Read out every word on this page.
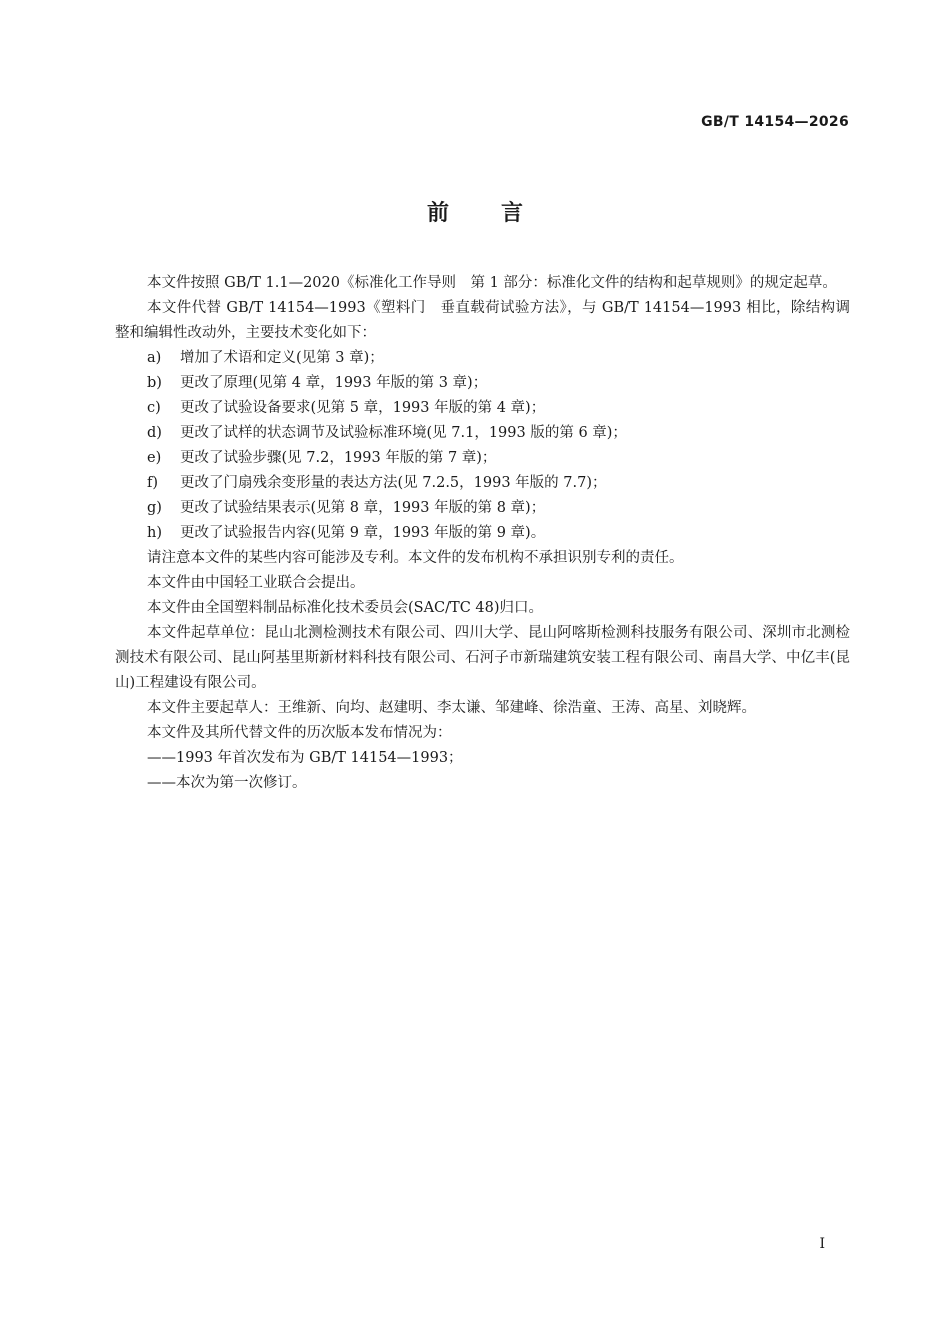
GB/T 14154—2026
前 言

本文件按照 GB/T 1.1—2020《标准化工作导则　第 1 部分：标准化文件的结构和起草规则》的规定起草。

本文件代替 GB/T 14154—1993《塑料门　垂直载荷试验方法》，与 GB/T 14154—1993 相比，除结构调整和编辑性改动外，主要技术变化如下：

a) 增加了术语和定义(见第 3 章)；

b) 更改了原理(见第 4 章，1993 年版的第 3 章)；

c) 更改了试验设备要求(见第 5 章，1993 年版的第 4 章)；

d) 更改了试样的状态调节及试验标准环境(见 7.1，1993 版的第 6 章)；

e) 更改了试验步骤(见 7.2，1993 年版的第 7 章)；

f) 更改了门扇残余变形量的表达方法(见 7.2.5，1993 年版的 7.7)；

g) 更改了试验结果表示(见第 8 章，1993 年版的第 8 章)；

h) 更改了试验报告内容(见第 9 章，1993 年版的第 9 章)。

请注意本文件的某些内容可能涉及专利。本文件的发布机构不承担识别专利的责任。

本文件由中国轻工业联合会提出。

本文件由全国塑料制品标准化技术委员会(SAC/TC 48)归口。

本文件起草单位：昆山北测检测技术有限公司、四川大学、昆山阿喀斯检测科技服务有限公司、深圳市北测检测技术有限公司、昆山阿基里斯新材料科技有限公司、石河子市新瑞建筑安装工程有限公司、南昌大学、中亿丰(昆山)工程建设有限公司。

本文件主要起草人：王维新、向均、赵建明、李太谦、邹建峰、徐浩童、王涛、高星、刘晓辉。

本文件及其所代替文件的历次版本发布情况为：

——1993 年首次发布为 GB/T 14154—1993；

——本次为第一次修订。

I
